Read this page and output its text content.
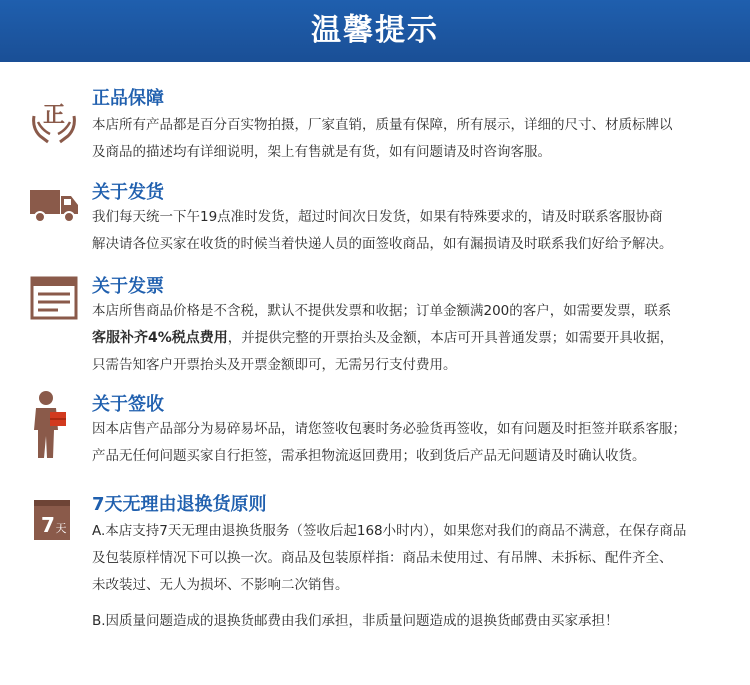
温馨提示
正
正品保障

本店所有产品都是百分百实物拍摄，厂家直销，质量有保障，所有展示，详细的尺寸、材质标牌以

及商品的描述均有详细说明，架上有售就是有货，如有问题请及时咨询客服。

关于发货

我们每天统一下午19点准时发货，超过时间次日发货，如果有特殊要求的，请及时联系客服协商

解决请各位买家在收货的时候当着快递人员的面签收商品，如有漏损请及时联系我们好给予解决。

关于发票

本店所售商品价格是不含税，默认不提供发票和收据；订单金额满200的客户，如需要发票，联系

客服补齐4%税点费用，并提供完整的开票抬头及金额，本店可开具普通发票；如需要开具收据，

只需告知客户开票抬头及开票金额即可，无需另行支付费用。

关于签收

因本店售产品部分为易碎易坏品，请您签收包裹时务必验货再签收，如有问题及时拒签并联系客服；

产品无任何问题买家自行拒签，需承担物流返回费用；收到货后产品无问题请及时确认收货。

7 天
7天无理由退换货原则

A.本店支持7天无理由退换货服务（签收后起168小时内），如果您对我们的商品不满意，在保存商品

及包装原样情况下可以换一次。商品及包装原样指：商品未使用过、有吊牌、未拆标、配件齐全、

未改装过、无人为损坏、不影响二次销售。

B.因质量问题造成的退换货邮费由我们承担，非质量问题造成的退换货邮费由买家承担！
